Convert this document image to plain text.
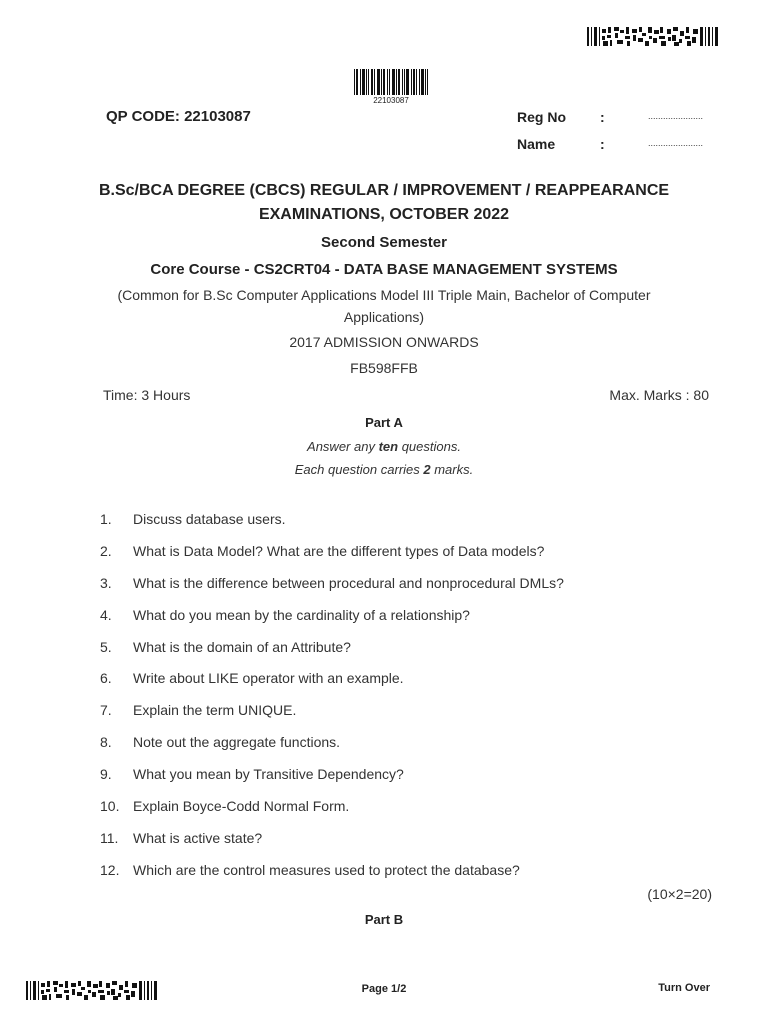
22103087
QP CODE: 22103087	Reg No :	......................
Name	:	......................
B.Sc/BCA DEGREE (CBCS) REGULAR / IMPROVEMENT / REAPPEARANCE
EXAMINATIONS, OCTOBER 2022
Second Semester
Core Course - CS2CRT04 - DATA BASE MANAGEMENT SYSTEMS
(Common for B.Sc Computer Applications Model III Triple Main, Bachelor of Computer
Applications)
2017 ADMISSION ONWARDS
FB598FFB
Time: 3 Hours	Max. Marks : 80
Part A
Answer any ten questions.
Each question carries 2 marks.
1.	Discuss database users.
2.	What is Data Model? What are the different types of Data models?
3.	What is the difference between procedural and nonprocedural DMLs?
4.	What do you mean by the cardinality of a relationship?
5.	What is the domain of an Attribute?
6.	Write about LIKE operator with an example.
7.	Explain the term UNIQUE.
8.	Note out the aggregate functions.
9.	What you mean by Transitive Dependency?
10. Explain Boyce-Codd Normal Form.
11.	What is active state?
12. Which are the control measures used to protect the database?
(10×2=20)
Part B
Page 1/2	Turn Over
